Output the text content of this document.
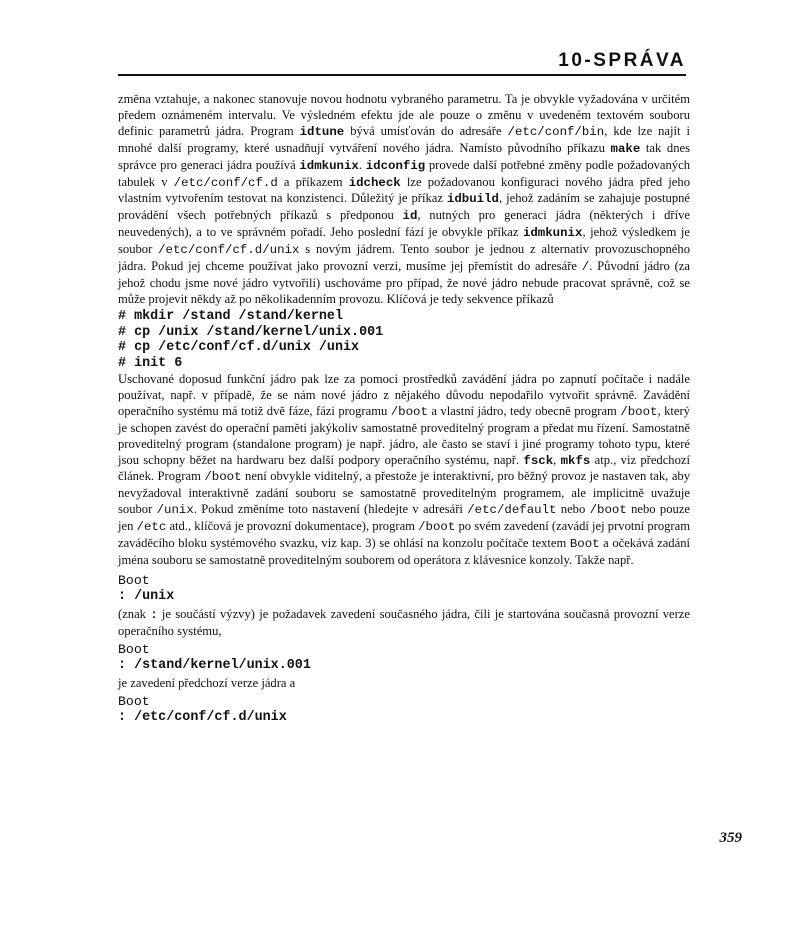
10-SPRÁVA
změna vztahuje, a nakonec stanovuje novou hodnotu vybraného parametru. Ta je obvykle vyžadována v určitém předem oznámeném intervalu. Ve výsledném efektu jde ale pouze o změnu v uvedeném textovém souboru definic parametrů jádra. Program idtune bývá umísťován do adresáře /etc/conf/bin, kde lze najít i mnohé další programy, které usnadňují vytváření nového jádra. Namísto původního příkazu make tak dnes správce pro generaci jádra používá idmkunix. idconfig provede další potřebné změny podle požadovaných tabulek v /etc/conf/cf.d a příkazem idcheck lze požadovanou konfiguraci nového jádra před jeho vlastním vytvořením testovat na konzistenci. Důležitý je příkaz idbuild, jehož zadáním se zahajuje postupné provádění všech potřebných příkazů s předponou id, nutných pro generaci jádra (některých i dříve neuvedených), a to ve správném pořadí. Jeho poslední fází je obvykle příkaz idmkunix, jehož výsledkem je soubor /etc/conf/cf.d/unix s novým jádrem. Tento soubor je jednou z alternativ provozuschopného jádra. Pokud jej chceme používat jako provozní verzi, musíme jej přemístit do adresáře /. Původní jádro (za jehož chodu jsme nové jádro vytvořili) uschováme pro případ, že nové jádro nebude pracovat správně, což se může projevit někdy až po několikadenním provozu. Klíčová je tedy sekvence příkazů
# mkdir /stand /stand/kernel
# cp /unix /stand/kernel/unix.001
# cp /etc/conf/cf.d/unix /unix
# init 6
Uschované doposud funkční jádro pak lze za pomoci prostředků zavádění jádra po zapnutí počítače i nadále používat, např. v případě, že se nám nové jádro z nějakého důvodu nepodařilo vytvořit správně. Zavádění operačního systému má totiž dvě fáze, fázi programu /boot a vlastní jádro, tedy obecně program /boot, který je schopen zavést do operační paměti jakýkoliv samostatně proveditelný program a předat mu řízení. Samostatně proveditelný program (standalone program) je např. jádro, ale často se staví i jiné programy tohoto typu, které jsou schopny běžet na hardwaru bez další podpory operačního systému, např. fsck, mkfs atp., viz předchozí článek. Program /boot není obvykle viditelný, a přestože je interaktivní, pro běžný provoz je nastaven tak, aby nevyžadoval interaktivně zadání souboru se samostatně proveditelným programem, ale implicitně uvažuje soubor /unix. Pokud změníme toto nastavení (hledejte v adresáři /etc/default nebo /boot nebo pouze jen /etc atd., klíčová je provozní dokumentace), program /boot po svém zavedení (zavádí jej prvotní program zaváděcího bloku systémového svazku, viz kap. 3) se ohlásí na konzolu počítače textem Boot a očekává zadání jména souboru se samostatně proveditelným souborem od operátora z klávesnice konzoly. Takže např.
Boot
: /unix
(znak : je součástí výzvy) je požadavek zavedení současného jádra, čili je startována současná provozní verze operačního systému,
Boot
: /stand/kernel/unix.001
je zavedení předchozí verze jádra a
Boot
: /etc/conf/cf.d/unix
359
